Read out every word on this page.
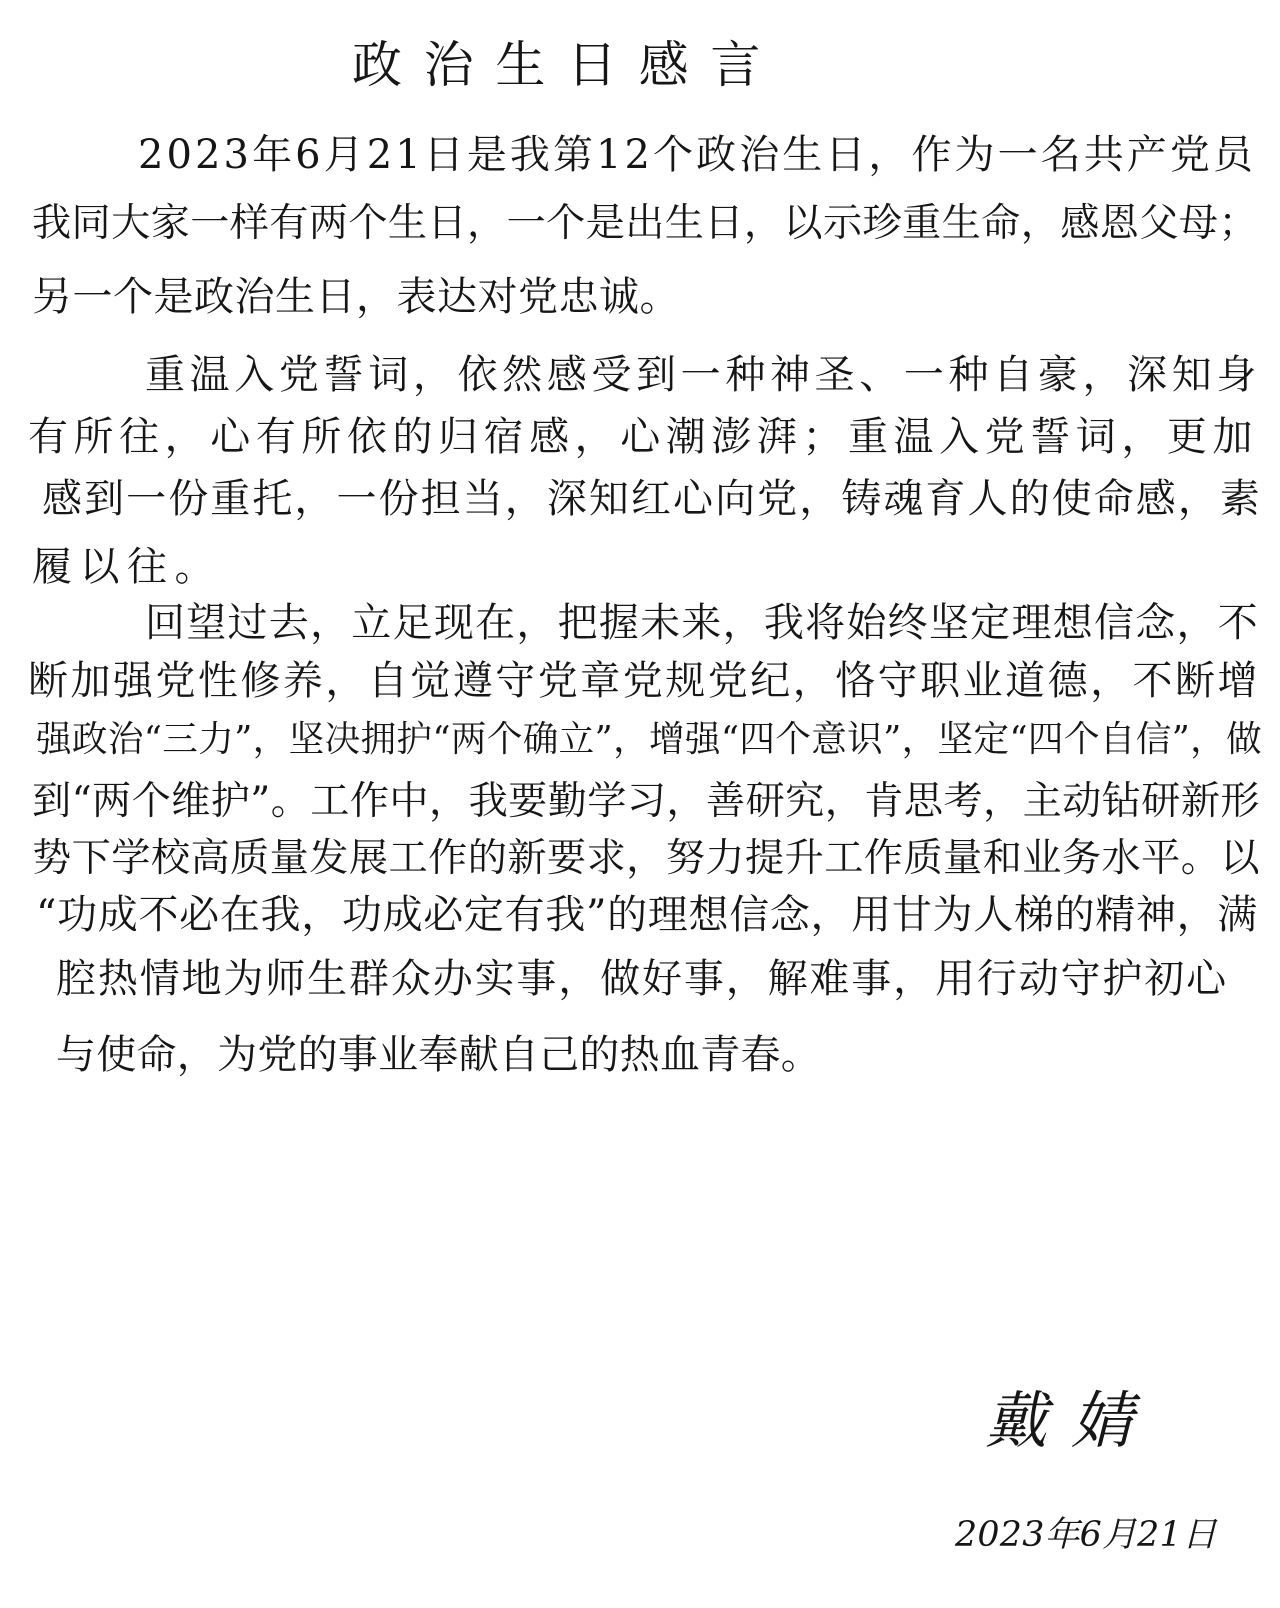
政治生日感言
2023年6月21日是我第12个政治生日，作为一名共产党员
我同大家一样有两个生日，一个是出生日，以示珍重生命，感恩父母；
另一个是政治生日，表达对党忠诚。
重温入党誓词，依然感受到一种神圣、一种自豪，深知身
有所往，心有所依的归宿感，心潮澎湃；重温入党誓词，更加
感到一份重托，一份担当，深知红心向党，铸魂育人的使命感，素
履以往。
回望过去，立足现在，把握未来，我将始终坚定理想信念，不
断加强党性修养，自觉遵守党章党规党纪，恪守职业道德，不断增
强政治“三力”，坚决拥护“两个确立”，增强“四个意识”，坚定“四个自信”，做
到“两个维护”。工作中，我要勤学习，善研究，肯思考，主动钻研新形
势下学校高质量发展工作的新要求，努力提升工作质量和业务水平。以
“功成不必在我，功成必定有我”的理想信念，用甘为人梯的精神，满
腔热情地为师生群众办实事，做好事，解难事，用行动守护初心
与使命，为党的事业奉献自己的热血青春。
戴婧
2023年6月21日
